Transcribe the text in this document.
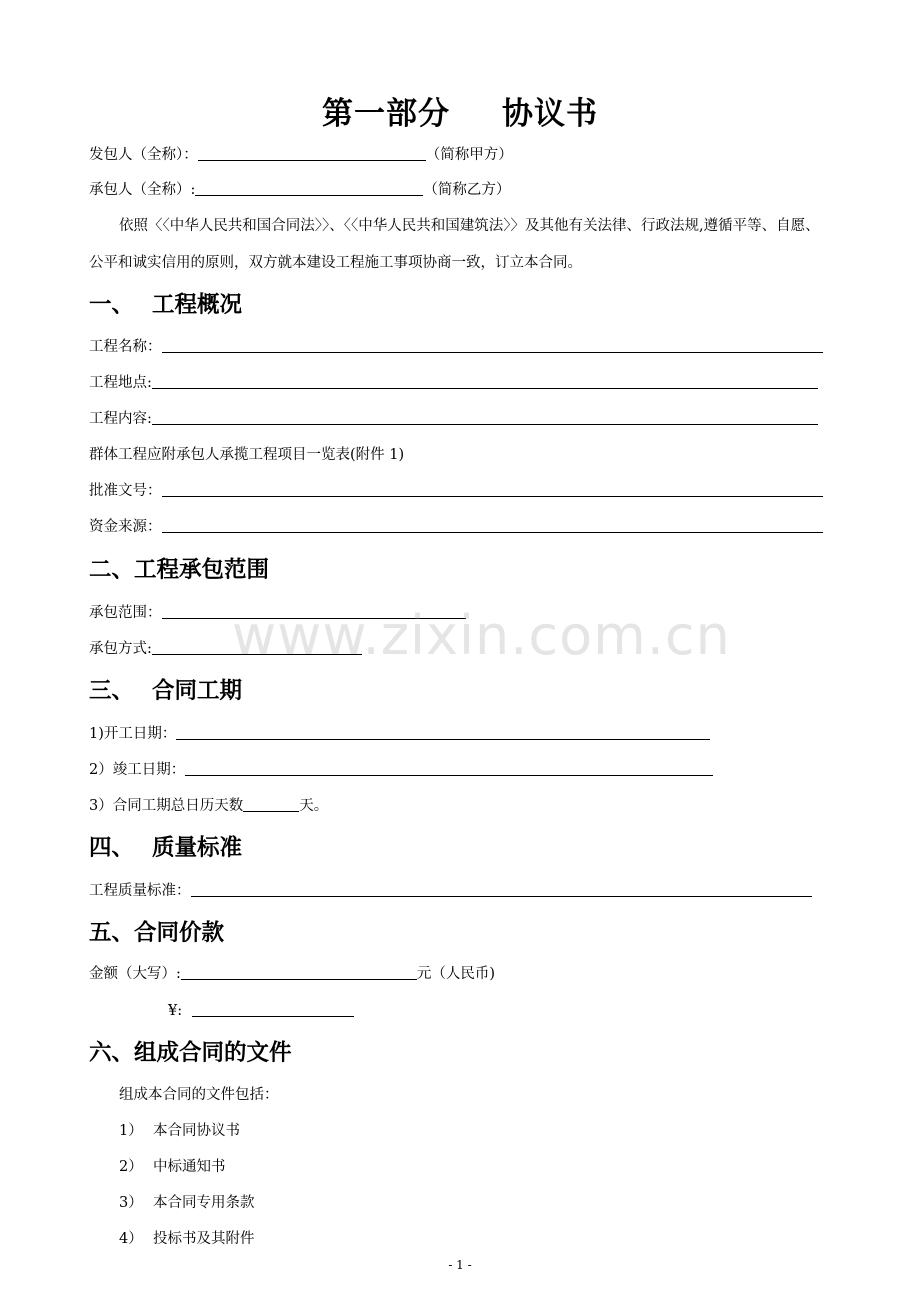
第一部分 协议书
发包人（全称）：	（简称甲方）
承包人（全称）:	（简称乙方）
依照〈〈中华人民共和国合同法〉〉、〈〈中华人民共和国建筑法〉〉及其他有关法律、行政法规,遵循平等、自愿、公平和诚实信用的原则，双方就本建设工程施工事项协商一致，订立本合同。
一、 工程概况
工程名称：
工程地点:
工程内容:
群体工程应附承包人承揽工程项目一览表(附件 1)
批准文号：
资金来源：
二、工程承包范围
承包范围：
承包方式:
三、 合同工期
1)开工日期：
2）竣工日期：
3）合同工期总日历天数	天。
四、 质量标准
工程质量标准：
五、合同价款
金额（大写）:	元（人民币)
¥:
六、组成合同的文件
组成本合同的文件包括：
1） 本合同协议书
2） 中标通知书
3） 本合同专用条款
4） 投标书及其附件
- 1 -
www.zixin.com.cn
